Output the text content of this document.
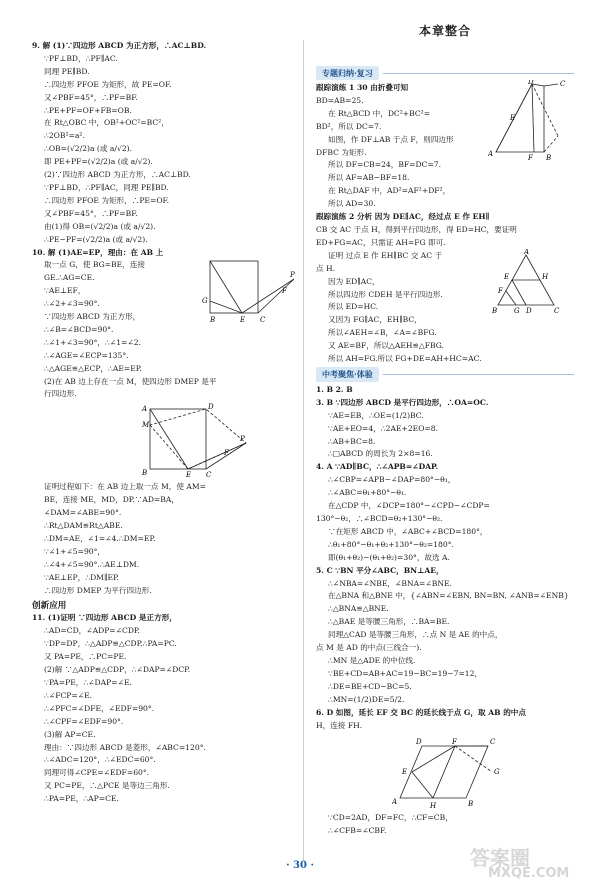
本章整合
9. 解 (1)∵四边形 ABCD 为正方形，∴AC⊥BD.
∵PF⊥BD，∴PF∥AC.
同理 PE∥BD.
∴四边形 PFOE 为矩形，故 PE=OF.
又∠PBF=45°，∴PF=BF.
∴PE+PF=OF+FB=OB.
在 Rt△OBC 中，OB²+OC²=BC²，
∴2OB²=a².
∴OB=(√2/2)a (或 a/√2).
即 PE+PF=(√2/2)a (或 a/√2).
(2)∵四边形 ABCD 为正方形，∴AC⊥BD.
∵PF⊥BD，∴PF∥AC，同理 PE∥BD.
∴四边形 PFOE 为矩形，∴PE=OF.
又∠PBF=45°，∴PF=BF.
由(1)得 OB=(√2/2)a (或 a/√2).
∴PE−PF=(√2/2)a (或 a/√2).
10. 解 (1)AE=EP，理由：在 AB 上
取一点 G，使 BG=BE，连接
GE.∴AG=CE.
∵AE⊥EF，
∴∠2+∠3=90°.
∵四边形 ABCD 为正方形，
∴∠B=∠BCD=90°.
∴∠1+∠3=90°，∴∠1=∠2.
∴∠AGE=∠ECP=135°.
∴△AGE≌△ECP，∴AE=EP.
(2)在 AB 边上存在一点 M，使四边形 DMEP 是平
行四边形.
G
E
B	C
P
F
A
M
B	E C
D
P
F
证明过程如下：在 AB 边上取一点 M，使 AM=
BE，连接 ME，MD，DP.∵AD=BA，
∠DAM=∠ABE=90°.
∴Rt△DAM≌Rt△ABE.
∴DM=AE，∠1=∠4.∴DM=EP.
∵∠1+∠5=90°，
∴∠4+∠5=90°.∴AE⊥DM.
∵AE⊥EP，∴DM∥EP.
∴四边形 DMEP 为平行四边形.
创新应用
11. (1)证明 ∵四边形 ABCD 是正方形，
∴AD=CD，∠ADP=∠CDP.
∵DP=DP，∴△ADP≌△CDP.∴PA=PC.
又 PA=PE，∴PC=PE.
(2)解 ∵△ADP≌△CDP，∴∠DAP=∠DCP.
∵PA=PE，∴∠DAP=∠E.
∴∠FCP=∠E.
∴∠PFC=∠DFE，∠EDF=90°.
∴∠CPF=∠EDF=90°.
(3)解 AP=CE.
理由：∵四边形 ABCD 是菱形，∠ABC=120°.
∴∠ADC=120°，∴∠EDC=60°.
同理可得∠CPE=∠EDF=60°.
又 PC=PE，∴△PCE 是等边三角形.
∴PA=PE，∴AP=CE.
专题归纳·复习
跟踪演练 1 30 由折叠可知
BD=AB=25.
在 Rt△BCD 中，DC²+BC²=
BD²，所以 DC=7.
如图，作 DF⊥AB 于点 F，则四边形
DFBC 为矩形.
所以 DF=CB=24，BF=DC=7.
所以 AF=AB−BF=18.
在 Rt△DAF 中，AD²=AF²+DF²，
所以 AD=30.
D	C
A	B
F
E
跟踪演练 2 分析 因为 DE∥AC，经过点 E 作 EH∥
CB 交 AC 于点 H，得到平行四边形，得 ED=HC，要证明
ED+FG=AC，只需证 AH=FG 即可.
证明 过点 E 作 EH∥BC 交 AC 于
点 H.
因为 ED∥AC，
所以四边形 CDEH 是平行四边形.
所以 ED=HC.
又因为 FG∥AC，EH∥BC，
所以∠AEH=∠B，∠A=∠BFG.
又 AE=BF，所以△AEH≌△FBG.
所以 AH=FG.所以 FG+DE=AH+HC=AC.
A
H
E
F
B G D	C
中考聚焦·体验
1. B 2. B
3. B ∵四边形 ABCD 是平行四边形，∴OA=OC.
∵AE=EB，∴OE=(1/2)BC.
∵AE+EO=4，∴2AE+2EO=8.
∴AB+BC=8.
∴□ABCD 的周长为 2×8=16.
4. A ∵AD∥BC，∴∠APB=∠DAP.
∴∠CBP=∠APB−∠DAP=80°−θ₁，
∴∠ABC=θ₁+80°−θ₁.
在△CDP 中，∠DCP=180°−∠CPD−∠CDP=
130°−θ₂，∴∠BCD=θ₂+130°−θ₂.
∵在矩形 ABCD 中，∠ABC+∠BCD=180°，
∴θ₁+80°−θ₁+θ₂+130°−θ₂=180°.
即(θ₁+θ₂)−(θ₁+θ₂)=30°，故选 A.
5. C ∵BN 平分∠ABC，BN⊥AE，
∴∠NBA=∠NBE，∠BNA=∠BNE.
在△BNA 和△BNE 中，{∠ABN=∠EBN, BN=BN, ∠ANB=∠ENB}
∴△BNA≌△BNE.
∴△BAE 是等腰三角形，∴BA=BE.
同理△CAD 是等腰三角形，∴点 N 是 AE 的中点，
点 M 是 AD 的中点(三线合一).
∴MN 是△ADE 的中位线.
∵BE+CD=AB+AC=19−BC=19−7=12，
∴DE=BE+CD−BC=5.
∴MN=(1/2)DE=5/2.
6. D 如图，延长 EF 交 BC 的延长线于点 G，取 AB 的中点
H，连接 FH.
D	F	C
G
E
A	H	B
∵CD=2AD，DF=FC，∴CF=CB，
∴∠CFB=∠CBF.
· 30 ·	答案圈
MXQE.COM
